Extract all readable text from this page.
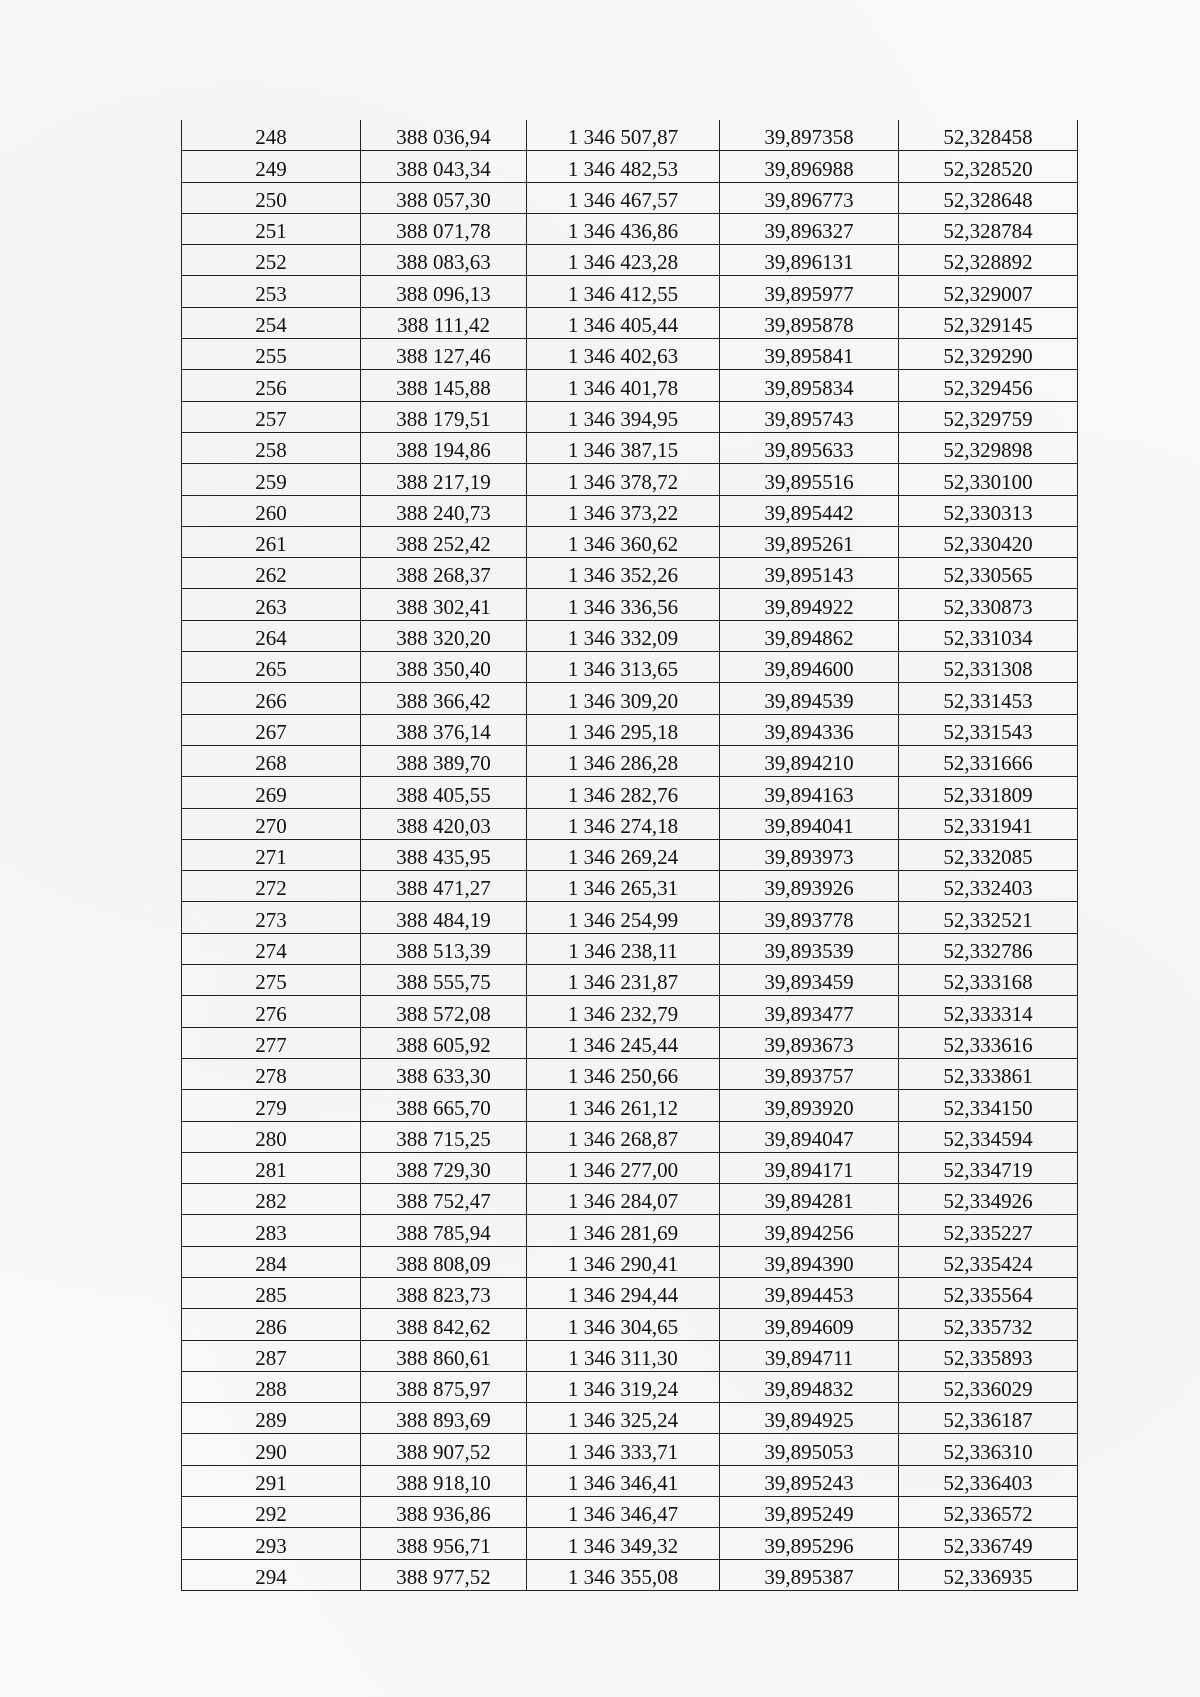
248	388 036,94	1 346 507,87	39,897358	52,328458
249	388 043,34	1 346 482,53	39,896988	52,328520
250	388 057,30	1 346 467,57	39,896773	52,328648
251	388 071,78	1 346 436,86	39,896327	52,328784
252	388 083,63	1 346 423,28	39,896131	52,328892
253	388 096,13	1 346 412,55	39,895977	52,329007
254	388 111,42	1 346 405,44	39,895878	52,329145
255	388 127,46	1 346 402,63	39,895841	52,329290
256	388 145,88	1 346 401,78	39,895834	52,329456
257	388 179,51	1 346 394,95	39,895743	52,329759
258	388 194,86	1 346 387,15	39,895633	52,329898
259	388 217,19	1 346 378,72	39,895516	52,330100
260	388 240,73	1 346 373,22	39,895442	52,330313
261	388 252,42	1 346 360,62	39,895261	52,330420
262	388 268,37	1 346 352,26	39,895143	52,330565
263	388 302,41	1 346 336,56	39,894922	52,330873
264	388 320,20	1 346 332,09	39,894862	52,331034
265	388 350,40	1 346 313,65	39,894600	52,331308
266	388 366,42	1 346 309,20	39,894539	52,331453
267	388 376,14	1 346 295,18	39,894336	52,331543
268	388 389,70	1 346 286,28	39,894210	52,331666
269	388 405,55	1 346 282,76	39,894163	52,331809
270	388 420,03	1 346 274,18	39,894041	52,331941
271	388 435,95	1 346 269,24	39,893973	52,332085
272	388 471,27	1 346 265,31	39,893926	52,332403
273	388 484,19	1 346 254,99	39,893778	52,332521
274	388 513,39	1 346 238,11	39,893539	52,332786
275	388 555,75	1 346 231,87	39,893459	52,333168
276	388 572,08	1 346 232,79	39,893477	52,333314
277	388 605,92	1 346 245,44	39,893673	52,333616
278	388 633,30	1 346 250,66	39,893757	52,333861
279	388 665,70	1 346 261,12	39,893920	52,334150
280	388 715,25	1 346 268,87	39,894047	52,334594
281	388 729,30	1 346 277,00	39,894171	52,334719
282	388 752,47	1 346 284,07	39,894281	52,334926
283	388 785,94	1 346 281,69	39,894256	52,335227
284	388 808,09	1 346 290,41	39,894390	52,335424
285	388 823,73	1 346 294,44	39,894453	52,335564
286	388 842,62	1 346 304,65	39,894609	52,335732
287	388 860,61	1 346 311,30	39,894711	52,335893
288	388 875,97	1 346 319,24	39,894832	52,336029
289	388 893,69	1 346 325,24	39,894925	52,336187
290	388 907,52	1 346 333,71	39,895053	52,336310
291	388 918,10	1 346 346,41	39,895243	52,336403
292	388 936,86	1 346 346,47	39,895249	52,336572
293	388 956,71	1 346 349,32	39,895296	52,336749
294	388 977,52	1 346 355,08	39,895387	52,336935
